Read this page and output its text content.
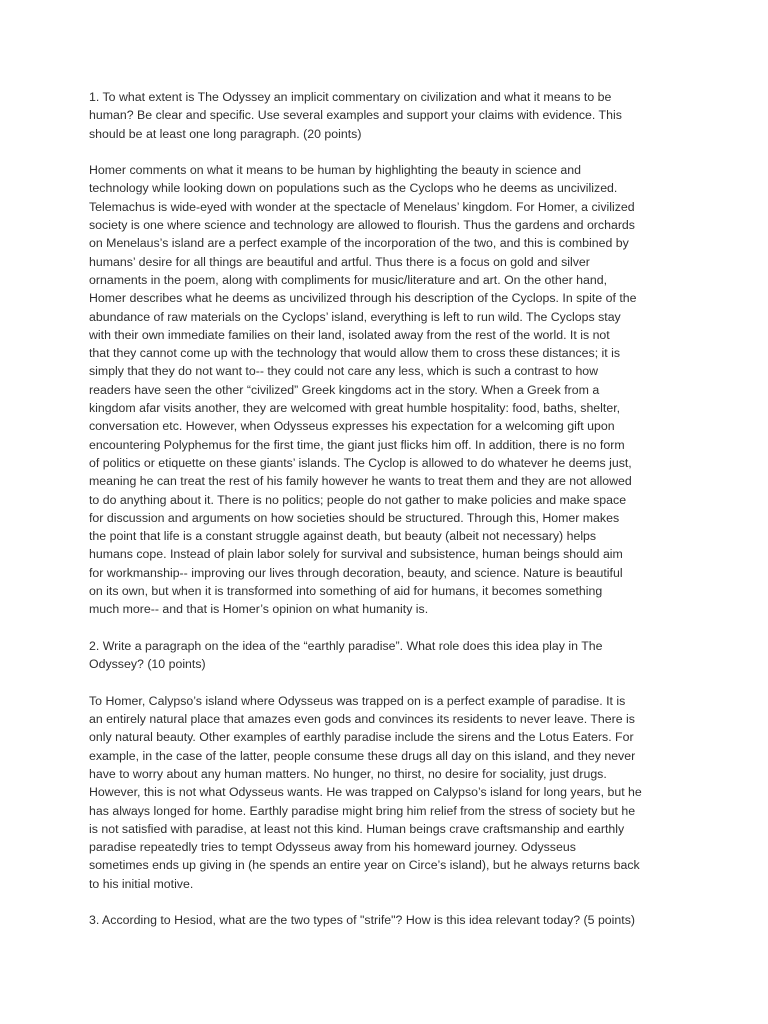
1. To what extent is The Odyssey an implicit commentary on civilization and what it means to be

human? Be clear and specific. Use several examples and support your claims with evidence. This

should be at least one long paragraph. (20 points)

Homer comments on what it means to be human by highlighting the beauty in science and

technology while looking down on populations such as the Cyclops who he deems as uncivilized.

Telemachus is wide-eyed with wonder at the spectacle of Menelaus’ kingdom. For Homer, a civilized

society is one where science and technology are allowed to flourish. Thus the gardens and orchards

on Menelaus’s island are a perfect example of the incorporation of the two, and this is combined by

humans’ desire for all things are beautiful and artful. Thus there is a focus on gold and silver

ornaments in the poem, along with compliments for music/literature and art. On the other hand,

Homer describes what he deems as uncivilized through his description of the Cyclops. In spite of the

abundance of raw materials on the Cyclops’ island, everything is left to run wild. The Cyclops stay

with their own immediate families on their land, isolated away from the rest of the world. It is not

that they cannot come up with the technology that would allow them to cross these distances; it is

simply that they do not want to-- they could not care any less, which is such a contrast to how

readers have seen the other “civilized” Greek kingdoms act in the story. When a Greek from a

kingdom afar visits another, they are welcomed with great humble hospitality: food, baths, shelter,

conversation etc. However, when Odysseus expresses his expectation for a welcoming gift upon

encountering Polyphemus for the first time, the giant just flicks him off. In addition, there is no form

of politics or etiquette on these giants’ islands. The Cyclop is allowed to do whatever he deems just,

meaning he can treat the rest of his family however he wants to treat them and they are not allowed

to do anything about it. There is no politics; people do not gather to make policies and make space

for discussion and arguments on how societies should be structured. Through this, Homer makes

the point that life is a constant struggle against death, but beauty (albeit not necessary) helps

humans cope. Instead of plain labor solely for survival and subsistence, human beings should aim

for workmanship-- improving our lives through decoration, beauty, and science. Nature is beautiful

on its own, but when it is transformed into something of aid for humans, it becomes something

much more-- and that is Homer’s opinion on what humanity is.

2. Write a paragraph on the idea of the “earthly paradise”. What role does this idea play in The

Odyssey? (10 points)

To Homer, Calypso’s island where Odysseus was trapped on is a perfect example of paradise. It is

an entirely natural place that amazes even gods and convinces its residents to never leave. There is

only natural beauty. Other examples of earthly paradise include the sirens and the Lotus Eaters. For

example, in the case of the latter, people consume these drugs all day on this island, and they never

have to worry about any human matters. No hunger, no thirst, no desire for sociality, just drugs.

However, this is not what Odysseus wants. He was trapped on Calypso’s island for long years, but he

has always longed for home. Earthly paradise might bring him relief from the stress of society but he

is not satisfied with paradise, at least not this kind. Human beings crave craftsmanship and earthly

paradise repeatedly tries to tempt Odysseus away from his homeward journey. Odysseus

sometimes ends up giving in (he spends an entire year on Circe’s island), but he always returns back

to his initial motive.

3. According to Hesiod, what are the two types of "strife"? How is this idea relevant today? (5 points)
